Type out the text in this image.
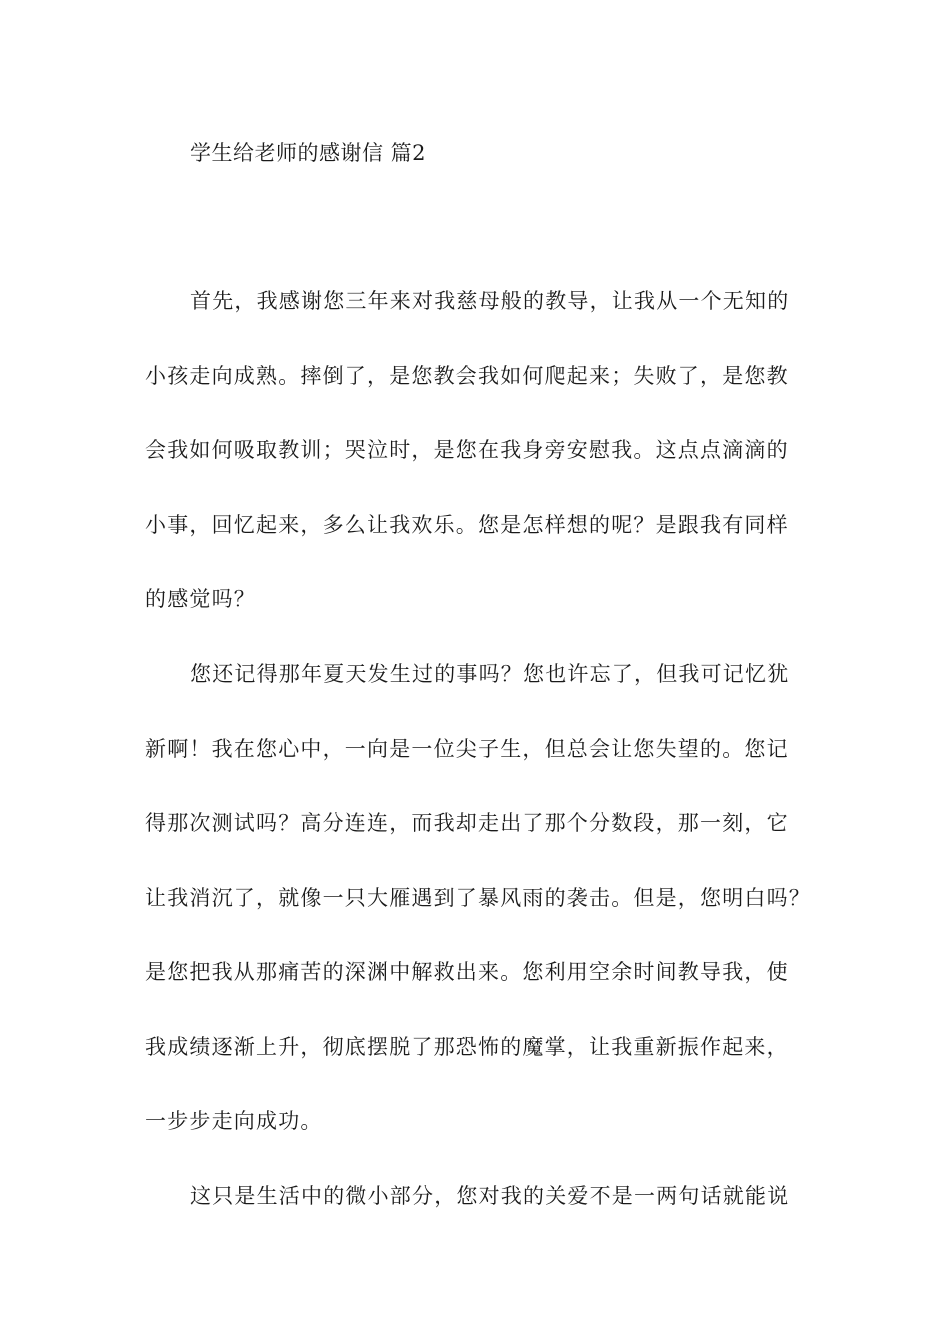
学生给老师的感谢信 篇2
首先，我感谢您三年来对我慈母般的教导，让我从一个无知的
小孩走向成熟。摔倒了，是您教会我如何爬起来；失败了，是您教
会我如何吸取教训；哭泣时，是您在我身旁安慰我。这点点滴滴的
小事，回忆起来，多么让我欢乐。您是怎样想的呢？是跟我有同样
的感觉吗？
您还记得那年夏天发生过的事吗？您也许忘了，但我可记忆犹
新啊！我在您心中，一向是一位尖子生，但总会让您失望的。您记
得那次测试吗？高分连连，而我却走出了那个分数段，那一刻，它
让我消沉了，就像一只大雁遇到了暴风雨的袭击。但是，您明白吗？
是您把我从那痛苦的深渊中解救出来。您利用空余时间教导我，使
我成绩逐渐上升，彻底摆脱了那恐怖的魔掌，让我重新振作起来，
一步步走向成功。
这只是生活中的微小部分，您对我的关爱不是一两句话就能说
